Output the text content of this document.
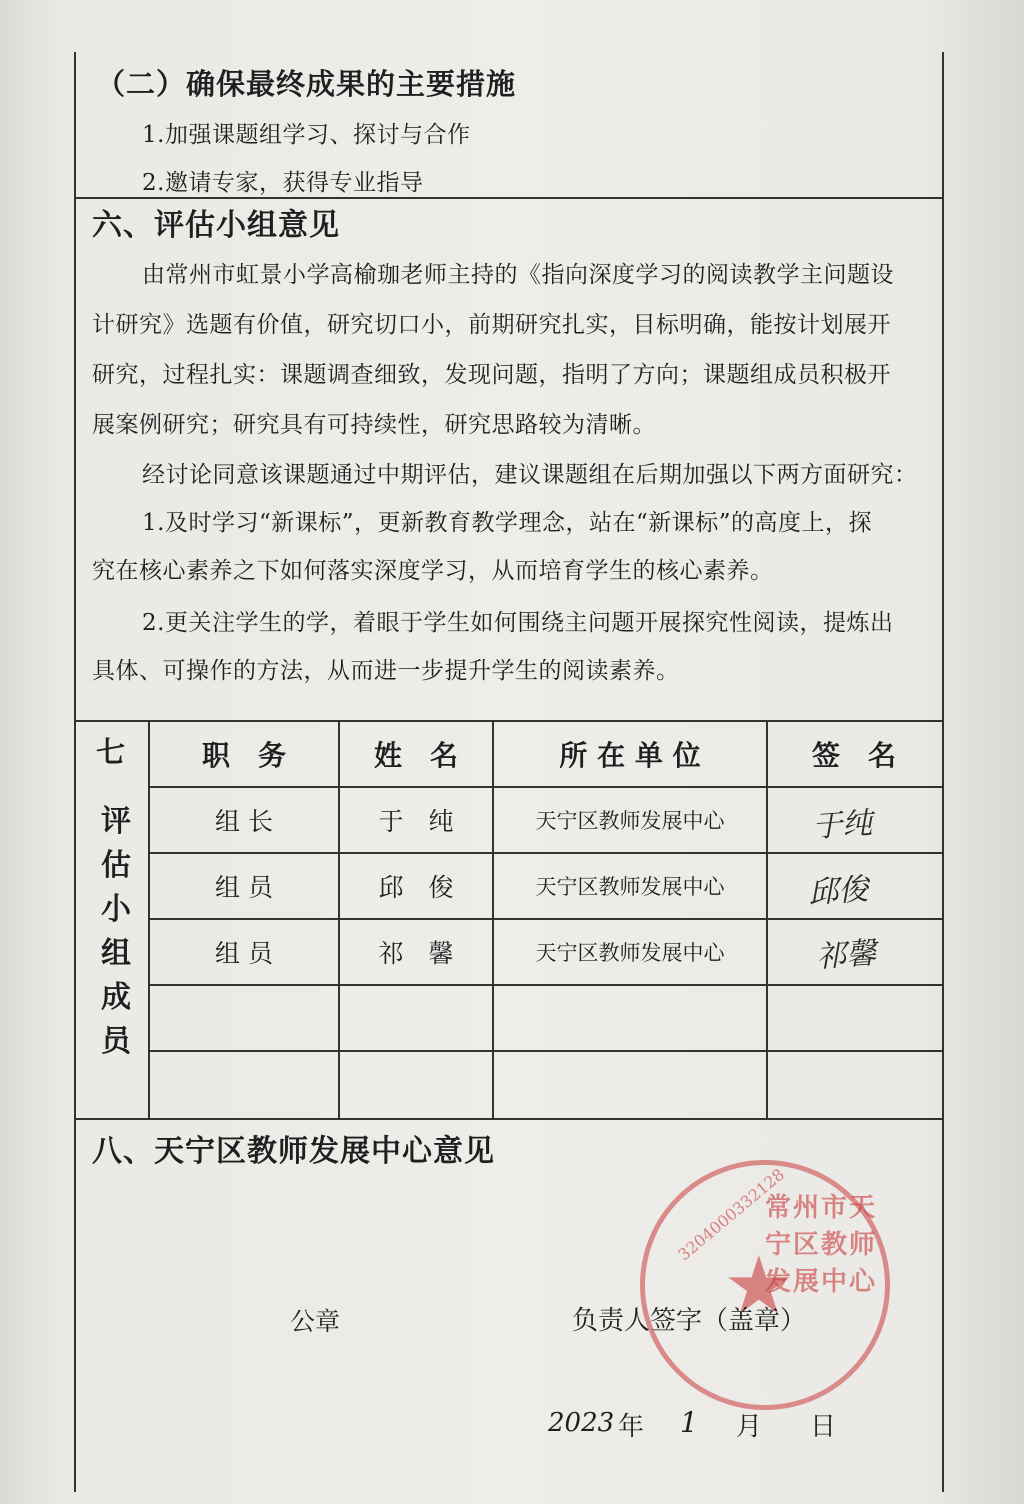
（二）确保最终成果的主要措施
1.加强课题组学习、探讨与合作
2.邀请专家，获得专业指导
六、评估小组意见
由常州市虹景小学高榆珈老师主持的《指向深度学习的阅读教学主问题设
计研究》选题有价值，研究切口小，前期研究扎实，目标明确，能按计划展开
研究，过程扎实：课题调查细致，发现问题，指明了方向；课题组成员积极开
展案例研究；研究具有可持续性，研究思路较为清晰。
经讨论同意该课题通过中期评估，建议课题组在后期加强以下两方面研究：
1.及时学习“新课标”，更新教育教学理念，站在“新课标”的高度上，探
究在核心素养之下如何落实深度学习，从而培育学生的核心素养。
2.更关注学生的学，着眼于学生如何围绕主问题开展探究性阅读，提炼出
具体、可操作的方法，从而进一步提升学生的阅读素养。
七
评
估
小
组
成
员
职　务	姓　名	所 在 单 位	签　名
组 长	于　纯	天宁区教师发展中心	于纯
组 员	邱　俊	天宁区教师发展中心	邱俊
组 员	祁　馨	天宁区教师发展中心	祁馨
八、天宁区教师发展中心意见
★
常州市天宁区教师发展中心
3204000332128
公章	负责人签字（盖章）
2023 年 1 月 日
